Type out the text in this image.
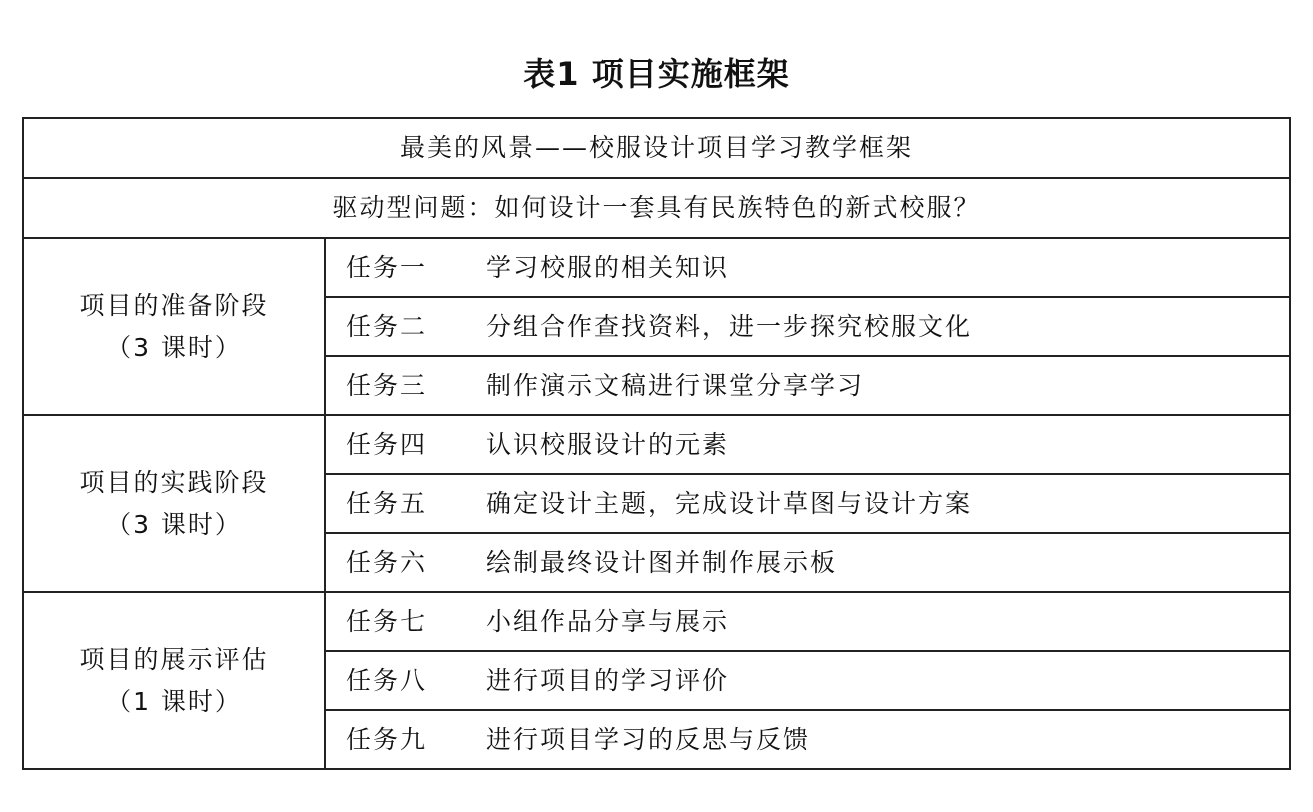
表1 项目实施框架
最美的风景——校服设计项目学习教学框架	
驱动型问题：如何设计一套具有民族特色的新式校服？	

项目的准备阶段
（3 课时）	任务一 学习校服的相关知识
	任务二 分组合作查找资料，进一步探究校服文化
	任务三 制作演示文稿进行课堂分享学习

项目的实践阶段
（3 课时）	任务四 认识校服设计的元素
	任务五 确定设计主题，完成设计草图与设计方案
	任务六 绘制最终设计图并制作展示板

项目的展示评估
（1 课时）	任务七 小组作品分享与展示
	任务八 进行项目的学习评价
	任务九 进行项目学习的反思与反馈
